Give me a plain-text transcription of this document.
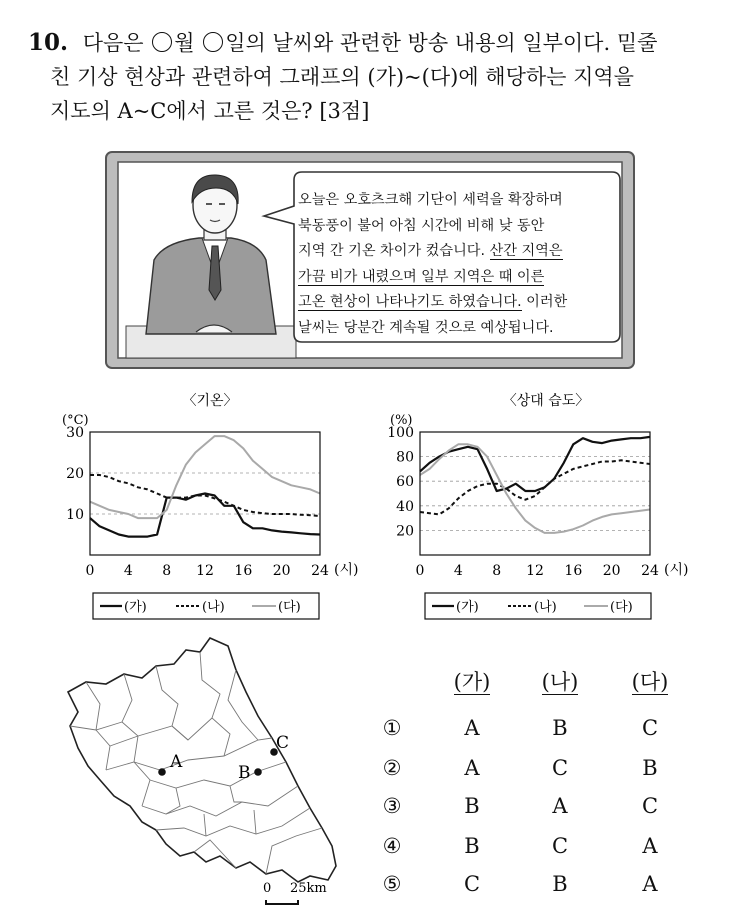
10. 다음은 월 일의 날씨와 관련한 방송 내용의 일부이다. 밑줄
친 기상 현상과 관련하여 그래프의 (가)~(다)에 해당하는 지역을
지도의 A~C에서 고른 것은? [3점]
오늘은 오호츠크해 기단이 세력을 확장하며
북동풍이 불어 아침 시간에 비해 낮 동안
지역 간 기온 차이가 컸습니다. 산간 지역은
가끔 비가 내렸으며 일부 지역은 때 이른
고온 현상이 나타나기도 하였습니다. 이러한
날씨는 당분간 계속될 것으로 예상됩니다.
〈기온〉
(°C)
(시)
10
20
30
0 4 8 12 16 20 24
〈상대 습도〉
(%)
(시)
20
40
60
80
100
0 4 8 12 16 20 24
(가)	(나)	(다)	(가)	(나)	(다)
A
B
C
0 25km
(가)	(나)	(다)
①	A	B	C
②	A	C	B
③	B	A	C
④	B	C	A
⑤	C	B	A
